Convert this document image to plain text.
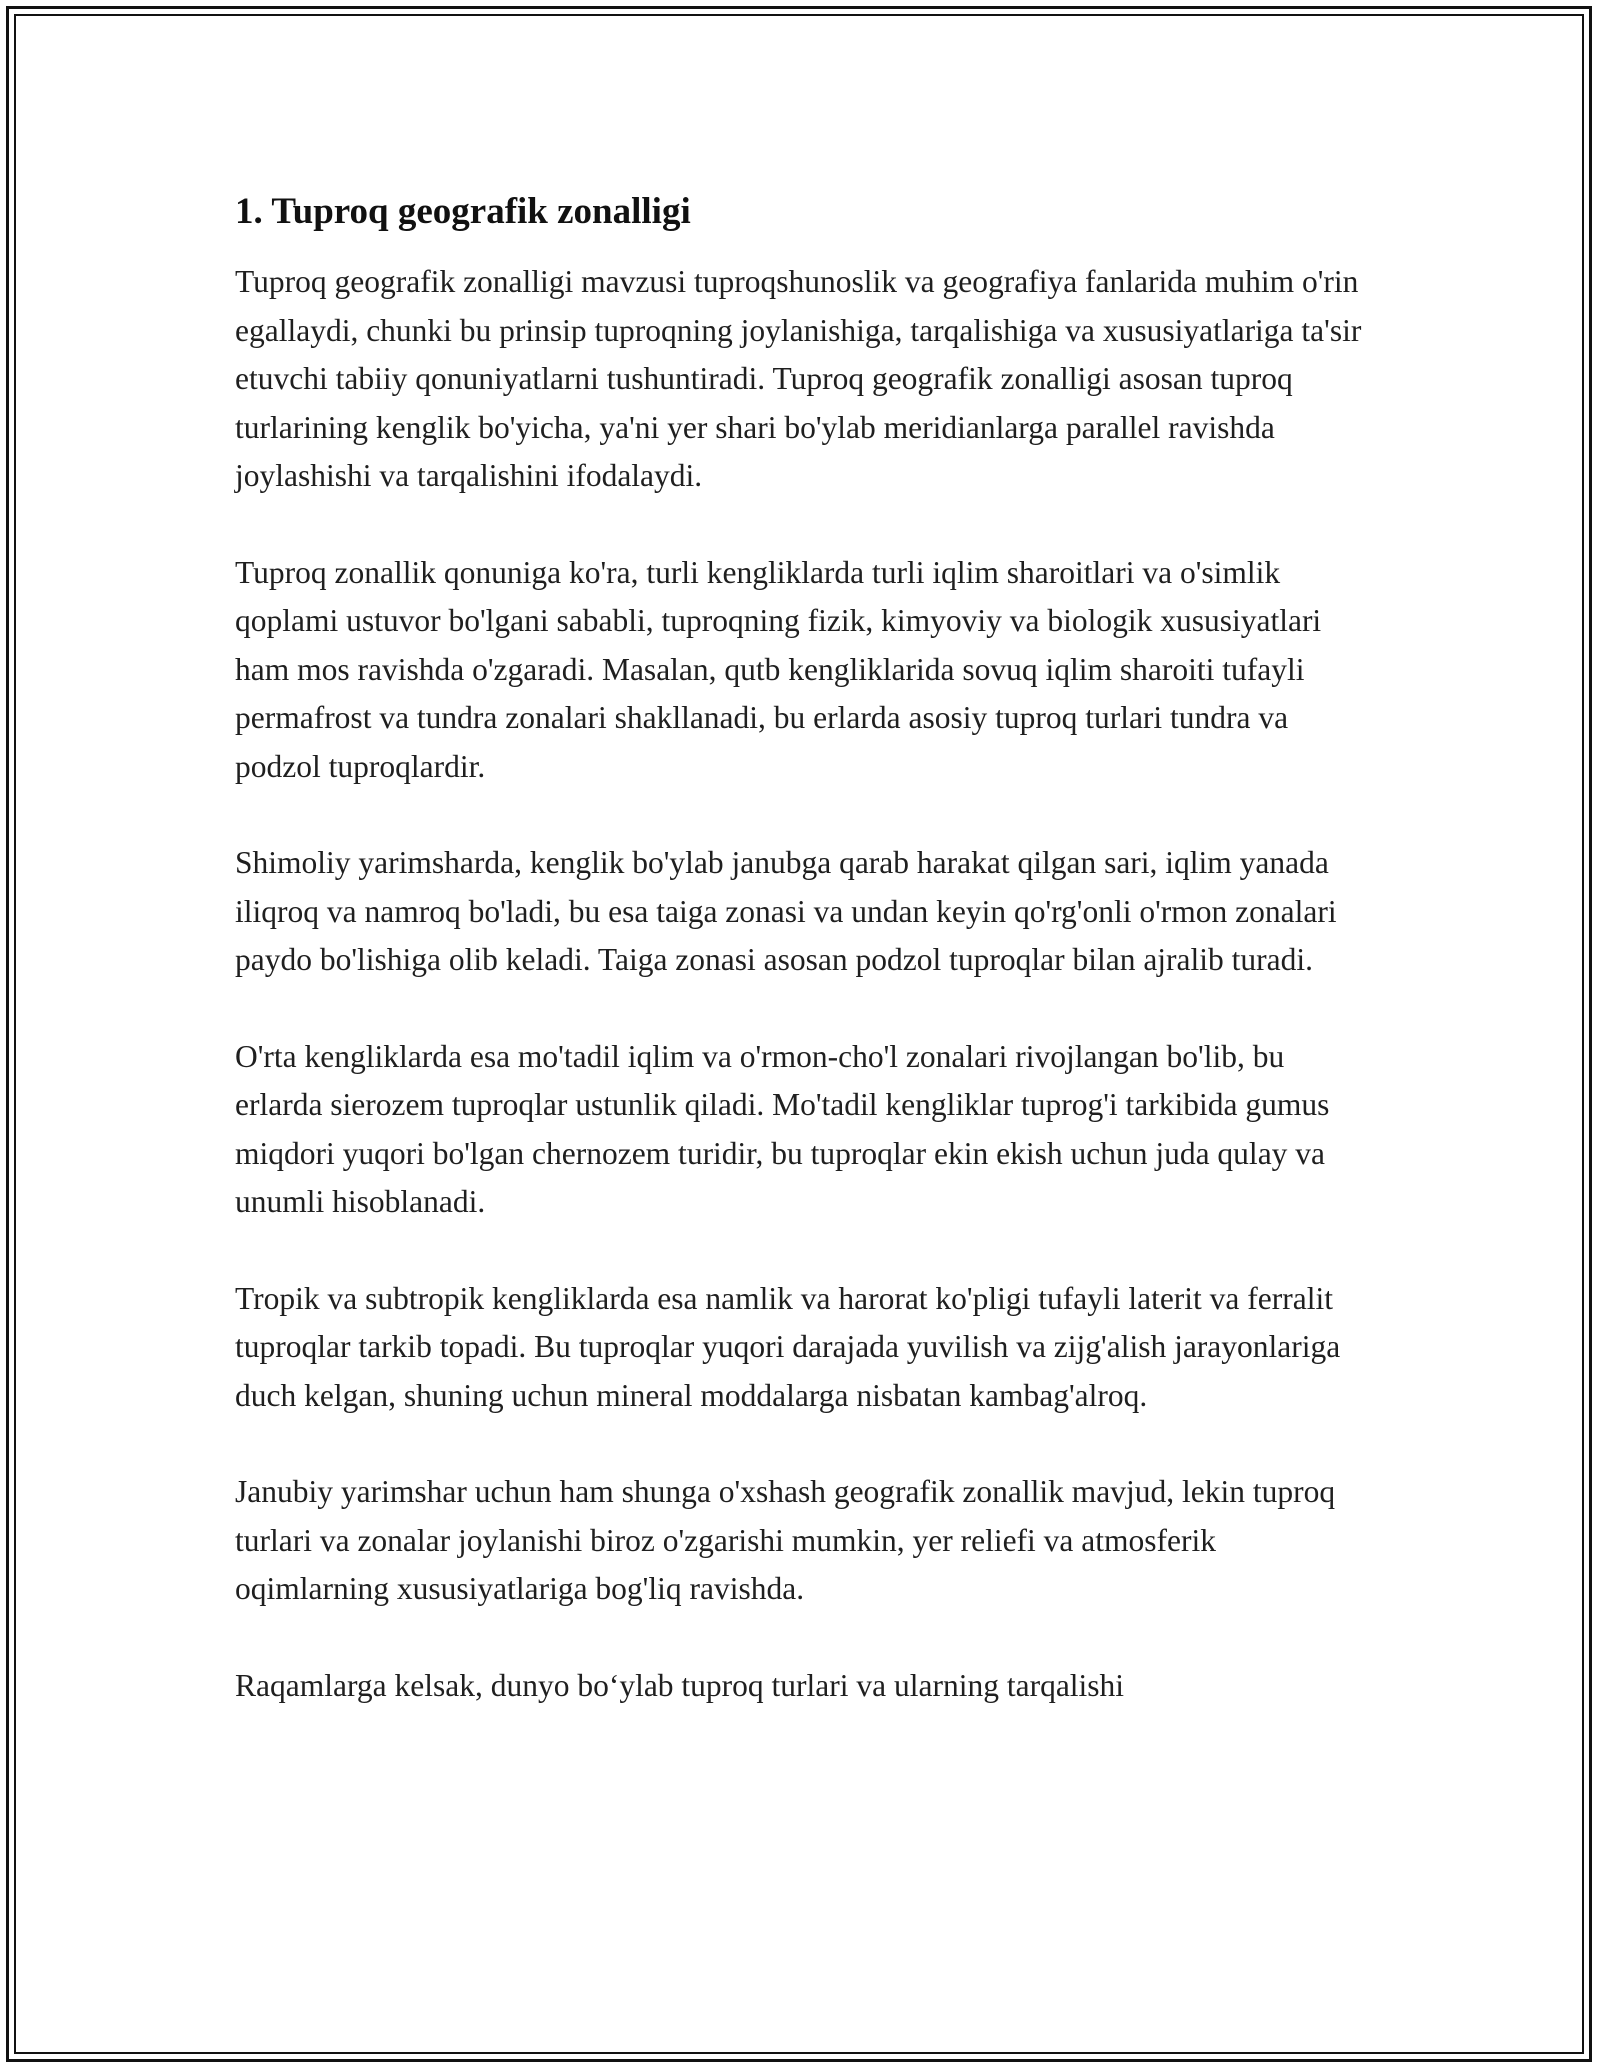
1. Tuproq geografik zonalligi

Tuproq geografik zonalligi mavzusi tuproqshunoslik va geografiya fanlarida muhim o'rin egallaydi, chunki bu prinsip tuproqning joylanishiga, tarqalishiga va xususiyatlariga ta'sir etuvchi tabiiy qonuniyatlarni tushuntiradi. Tuproq geografik zonalligi asosan tuproq turlarining kenglik bo'yicha, ya'ni yer shari bo'ylab meridianlarga parallel ravishda joylashishi va tarqalishini ifodalaydi.

Tuproq zonallik qonuniga ko'ra, turli kengliklarda turli iqlim sharoitlari va o'simlik qoplami ustuvor bo'lgani sababli, tuproqning fizik, kimyoviy va biologik xususiyatlari ham mos ravishda o'zgaradi. Masalan, qutb kengliklarida sovuq iqlim sharoiti tufayli permafrost va tundra zonalari shakllanadi, bu erlarda asosiy tuproq turlari tundra va podzol tuproqlardir.

Shimoliy yarimsharda, kenglik bo'ylab janubga qarab harakat qilgan sari, iqlim yanada iliqroq va namroq bo'ladi, bu esa taiga zonasi va undan keyin qo'rg'onli o'rmon zonalari paydo bo'lishiga olib keladi. Taiga zonasi asosan podzol tuproqlar bilan ajralib turadi.

O'rta kengliklarda esa mo'tadil iqlim va o'rmon-cho'l zonalari rivojlangan bo'lib, bu erlarda sierozem tuproqlar ustunlik qiladi. Mo'tadil kengliklar tuprog'i tarkibida gumus miqdori yuqori bo'lgan chernozem turidir, bu tuproqlar ekin ekish uchun juda qulay va unumli hisoblanadi.

Tropik va subtropik kengliklarda esa namlik va harorat ko'pligi tufayli laterit va ferralit tuproqlar tarkib topadi. Bu tuproqlar yuqori darajada yuvilish va zijg'alish jarayonlariga duch kelgan, shuning uchun mineral moddalarga nisbatan kambag'alroq.

Janubiy yarimshar uchun ham shunga o'xshash geografik zonallik mavjud, lekin tuproq turlari va zonalar joylanishi biroz o'zgarishi mumkin, yer reliefi va atmosferik oqimlarning xususiyatlariga bog'liq ravishda.

Raqamlarga kelsak, dunyo bo‘ylab tuproq turlari va ularning tarqalishi
